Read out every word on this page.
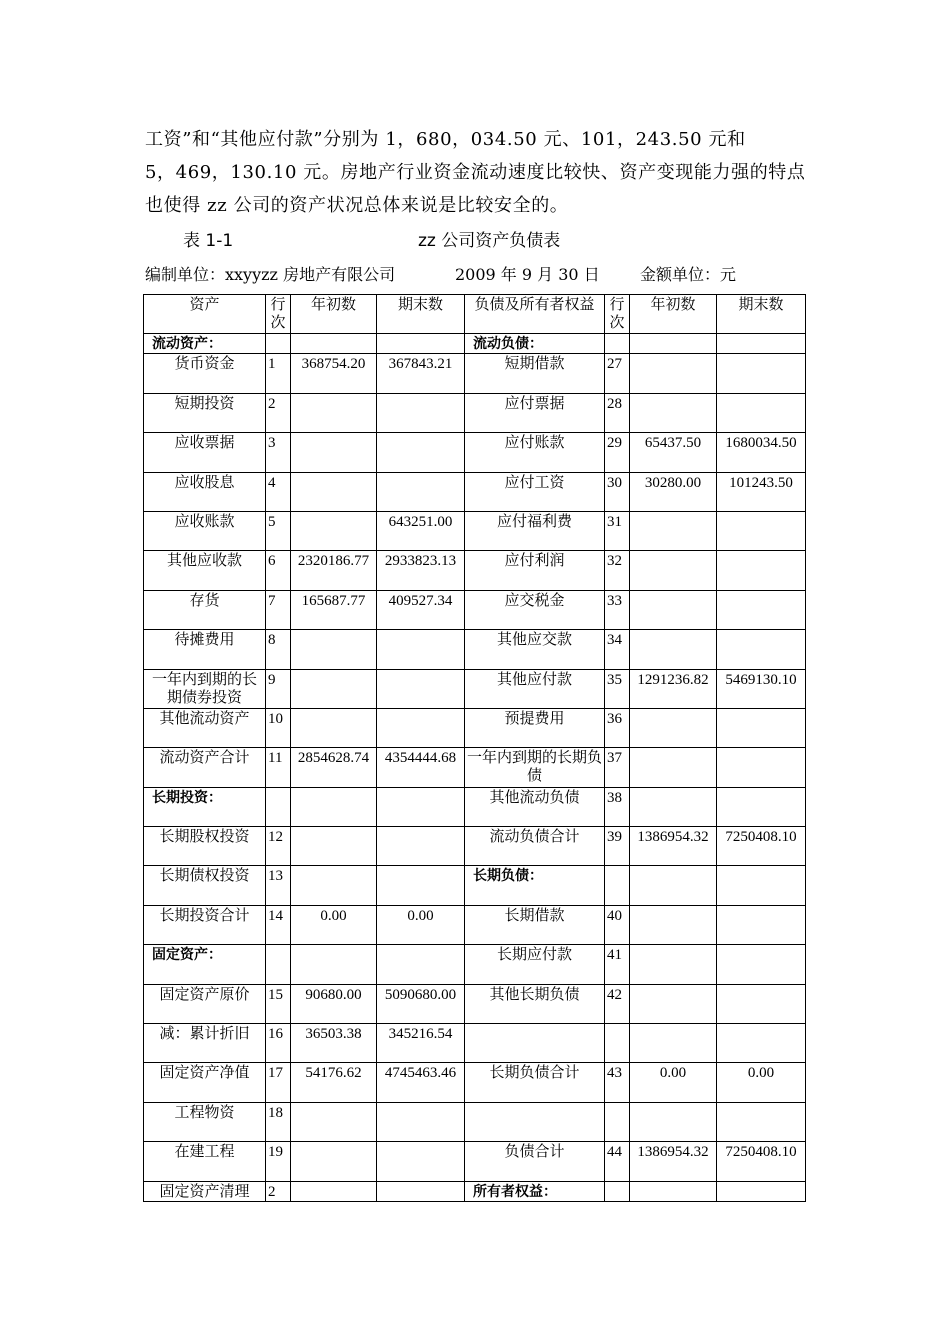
工资”和“其他应付款”分别为 1，680，034.50 元、101，243.50 元和

5，469，130.10 元。房地产行业资金流动速度比较快、资产变现能力强的特点

也使得 zz 公司的资产状况总体来说是比较安全的。

表 1-1	zz 公司资产负债表
编制单位：xxyyzz 房地产有限公司	2009 年 9 月 30 日	金额单位：元
资产	行次	年初数	期末数	负债及所有者权益	行次	年初数	期末数
流动资产：				流动负债：			
货币资金	1	368754.20	367843.21	短期借款	27		
短期投资	2			应付票据	28		
应收票据	3			应付账款	29	65437.50	1680034.50
应收股息	4			应付工资	30	30280.00	101243.50
应收账款	5		643251.00	应付福利费	31		
其他应收款	6	2320186.77	2933823.13	应付利润	32		
存货	7	165687.77	409527.34	应交税金	33		
待摊费用	8			其他应交款	34		
一年内到期的长期债券投资	9			其他应付款	35	1291236.82	5469130.10
其他流动资产	10			预提费用	36		
流动资产合计	11	2854628.74	4354444.68	一年内到期的长期负债	37		
长期投资：				其他流动负债	38		
长期股权投资	12			流动负债合计	39	1386954.32	7250408.10
长期债权投资	13			长期负债：			
长期投资合计	14	0.00	0.00	长期借款	40		
固定资产：				长期应付款	41		
固定资产原价	15	90680.00	5090680.00	其他长期负债	42		
减：累计折旧	16	36503.38	345216.54				
固定资产净值	17	54176.62	4745463.46	长期负债合计	43	0.00	0.00
工程物资	18						
在建工程	19			负债合计	44	1386954.32	7250408.10
固定资产清理	2			所有者权益：			
